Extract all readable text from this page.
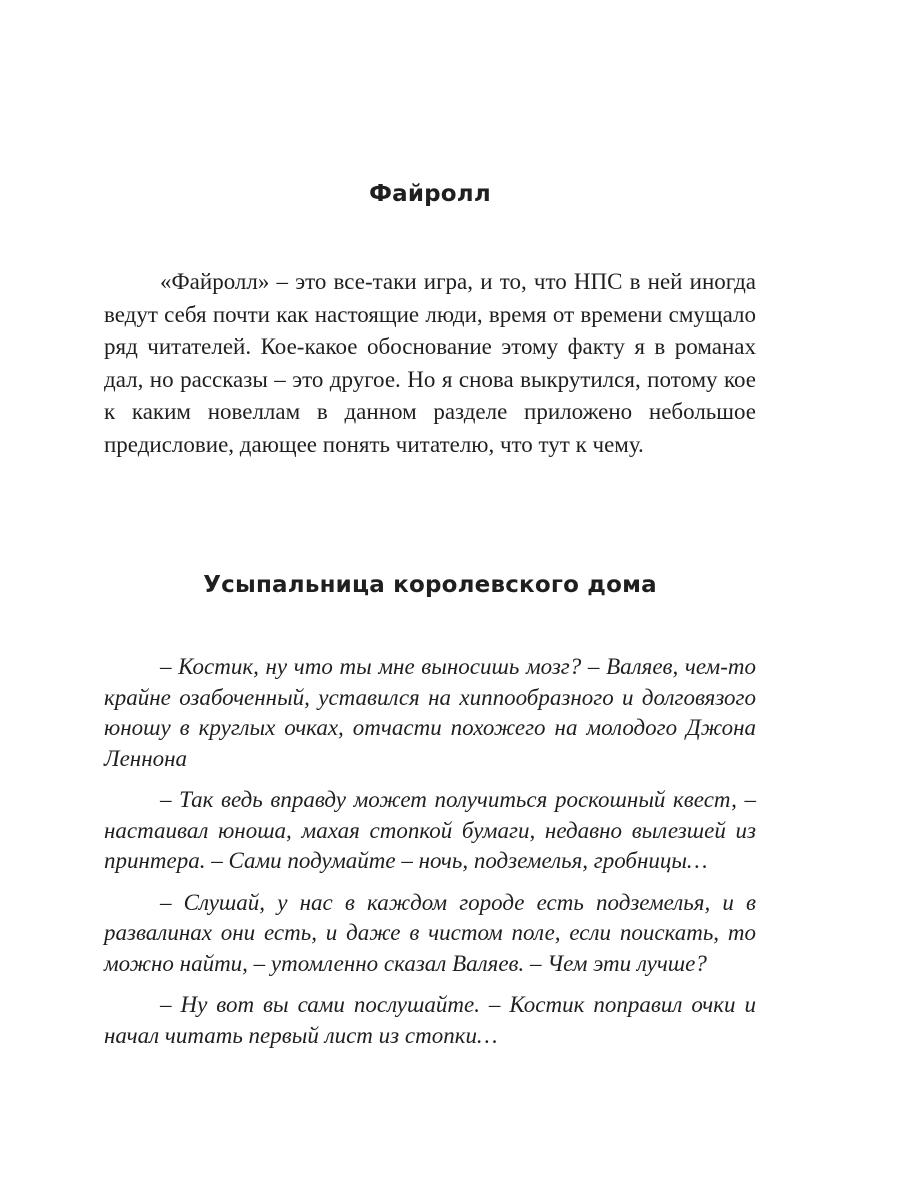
Файролл

«Файролл» – это все-таки игра, и то, что НПС в ней иногда ведут себя почти как настоящие люди, время от времени смущало ряд читателей. Кое-какое обоснование этому факту я в романах дал, но рассказы – это другое. Но я снова выкрутился, потому кое к каким новеллам в данном разделе приложено небольшое предисловие, дающее понять читателю, что тут к чему.

Усыпальница королевского дома

– Костик, ну что ты мне выносишь мозг? – Валяев, чем-то крайне озабоченный, уставился на хиппообразного и долговязого юношу в круглых очках, отчасти похожего на молодого Джона Леннона

– Так ведь вправду может получиться роскошный квест, – настаивал юноша, махая стопкой бумаги, недавно вылезшей из принтера. – Сами подумайте – ночь, подземелья, гробницы…

– Слушай, у нас в каждом городе есть подземелья, и в развалинах они есть, и даже в чистом поле, если поискать, то можно найти, – утомленно сказал Валяев. – Чем эти лучше?

– Ну вот вы сами послушайте. – Костик поправил очки и начал читать первый лист из стопки…
